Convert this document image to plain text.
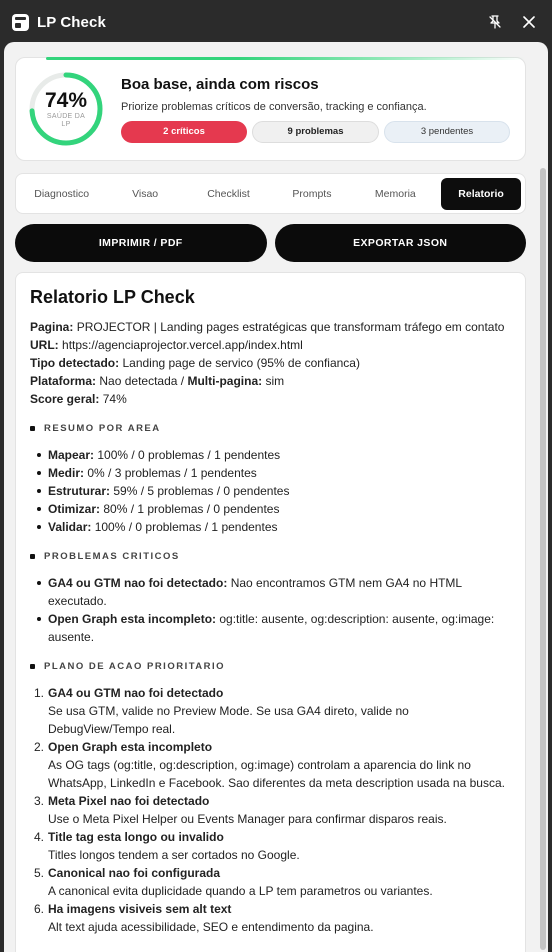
LP Check
74%
SAÚDE DA LP
Boa base, ainda com riscos
Priorize problemas críticos de conversão, tracking e confiança.
2 críticos	9 problemas	3 pendentes
Diagnostico	Visao	Checklist	Prompts	Memoria	Relatorio
IMPRIMIR / PDF	EXPORTAR JSON
Relatorio LP Check
Pagina: PROJECTOR | Landing pages estratégicas que transformam tráfego em contato
URL: https://agenciaprojector.vercel.app/index.html
Tipo detectado: Landing page de servico (95% de confianca)
Plataforma: Nao detectada / Multi-pagina: sim
Score geral: 74%
RESUMO POR AREA
Mapear: 100% / 0 problemas / 1 pendentes
Medir: 0% / 3 problemas / 1 pendentes
Estruturar: 59% / 5 problemas / 0 pendentes
Otimizar: 80% / 1 problemas / 0 pendentes
Validar: 100% / 0 problemas / 1 pendentes
PROBLEMAS CRITICOS
GA4 ou GTM nao foi detectado: Nao encontramos GTM nem GA4 no HTML executado.
Open Graph esta incompleto: og:title: ausente, og:description: ausente, og:image: ausente.
PLANO DE ACAO PRIORITARIO
1. GA4 ou GTM nao foi detectado
Se usa GTM, valide no Preview Mode. Se usa GA4 direto, valide no DebugView/Tempo real.
2. Open Graph esta incompleto
As OG tags (og:title, og:description, og:image) controlam a aparencia do link no WhatsApp, LinkedIn e Facebook. Sao diferentes da meta description usada na busca.
3. Meta Pixel nao foi detectado
Use o Meta Pixel Helper ou Events Manager para confirmar disparos reais.
4. Title tag esta longo ou invalido
Titles longos tendem a ser cortados no Google.
5. Canonical nao foi configurada
A canonical evita duplicidade quando a LP tem parametros ou variantes.
6. Ha imagens visiveis sem alt text
Alt text ajuda acessibilidade, SEO e entendimento da pagina.
